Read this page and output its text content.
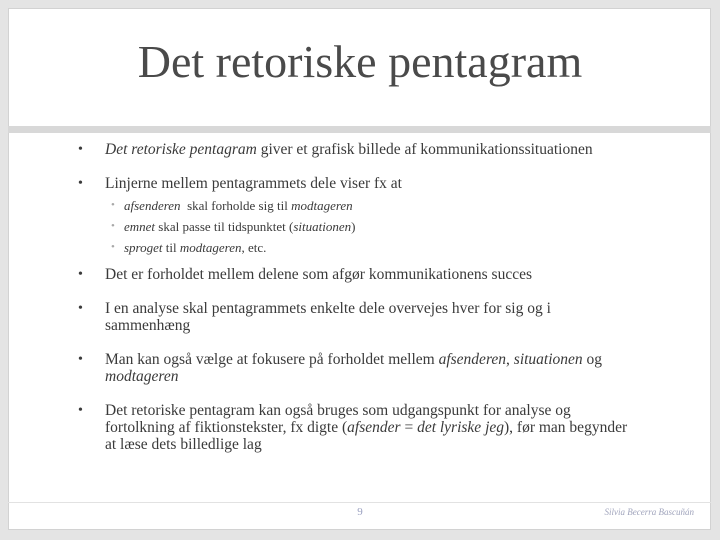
Det retoriske pentagram
• Det retoriske pentagram giver et grafisk billede af kommunikationssituationen
• Linjerne mellem pentagrammets dele viser fx at
• afsenderen  skal forholde sig til modtageren
• emnet skal passe til tidspunktet (situationen)
• sproget til modtageren, etc.
• Det er forholdet mellem delene som afgør kommunikationens succes
• I en analyse skal pentagrammets enkelte dele overvejes hver for sig og i sammenhæng
• Man kan også vælge at fokusere på forholdet mellem afsenderen, situationen og modtageren
• Det retoriske pentagram kan også bruges som udgangspunkt for analyse og fortolkning af fiktionstekster, fx digte (afsender = det lyriske jeg), før man begynder at læse dets billedlige lag
9	Silvia Becerra Bascuñán
